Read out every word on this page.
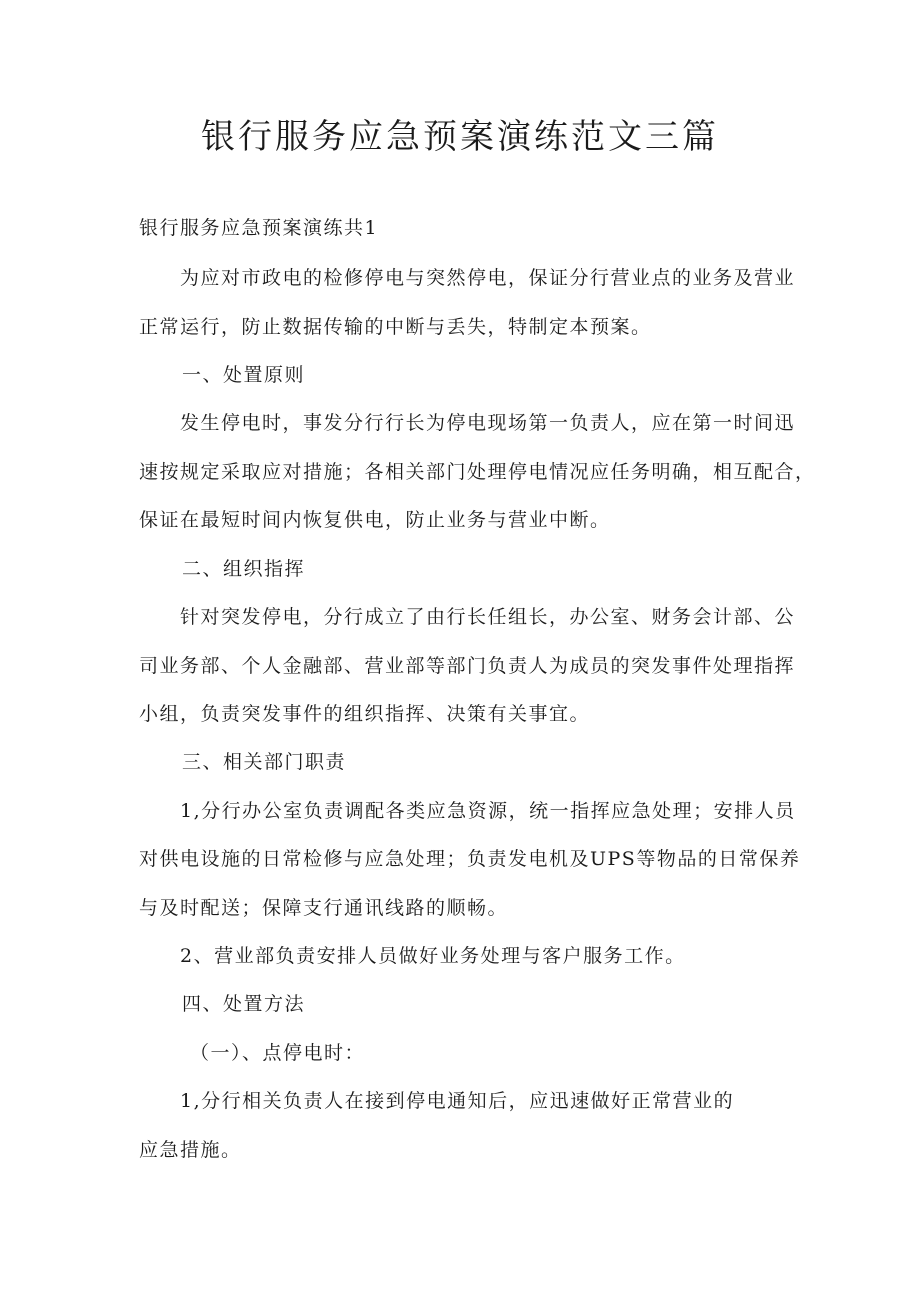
银行服务应急预案演练范文三篇

银行服务应急预案演练共1

为应对市政电的检修停电与突然停电，保证分行营业点的业务及营业

正常运行，防止数据传输的中断与丢失，特制定本预案。

一、处置原则

发生停电时，事发分行行长为停电现场第一负责人，应在第一时间迅

速按规定采取应对措施；各相关部门处理停电情况应任务明确，相互配合，

保证在最短时间内恢复供电，防止业务与营业中断。

二、组织指挥

针对突发停电，分行成立了由行长任组长，办公室、财务会计部、公

司业务部、个人金融部、营业部等部门负责人为成员的突发事件处理指挥

小组，负责突发事件的组织指挥、决策有关事宜。

三、相关部门职责

1,分行办公室负责调配各类应急资源，统一指挥应急处理；安排人员

对供电设施的日常检修与应急处理；负责发电机及UPS等物品的日常保养

与及时配送；保障支行通讯线路的顺畅。

2、营业部负责安排人员做好业务处理与客户服务工作。

四、处置方法

（一）、点停电时：

1,分行相关负责人在接到停电通知后，应迅速做好正常营业的

应急措施。
